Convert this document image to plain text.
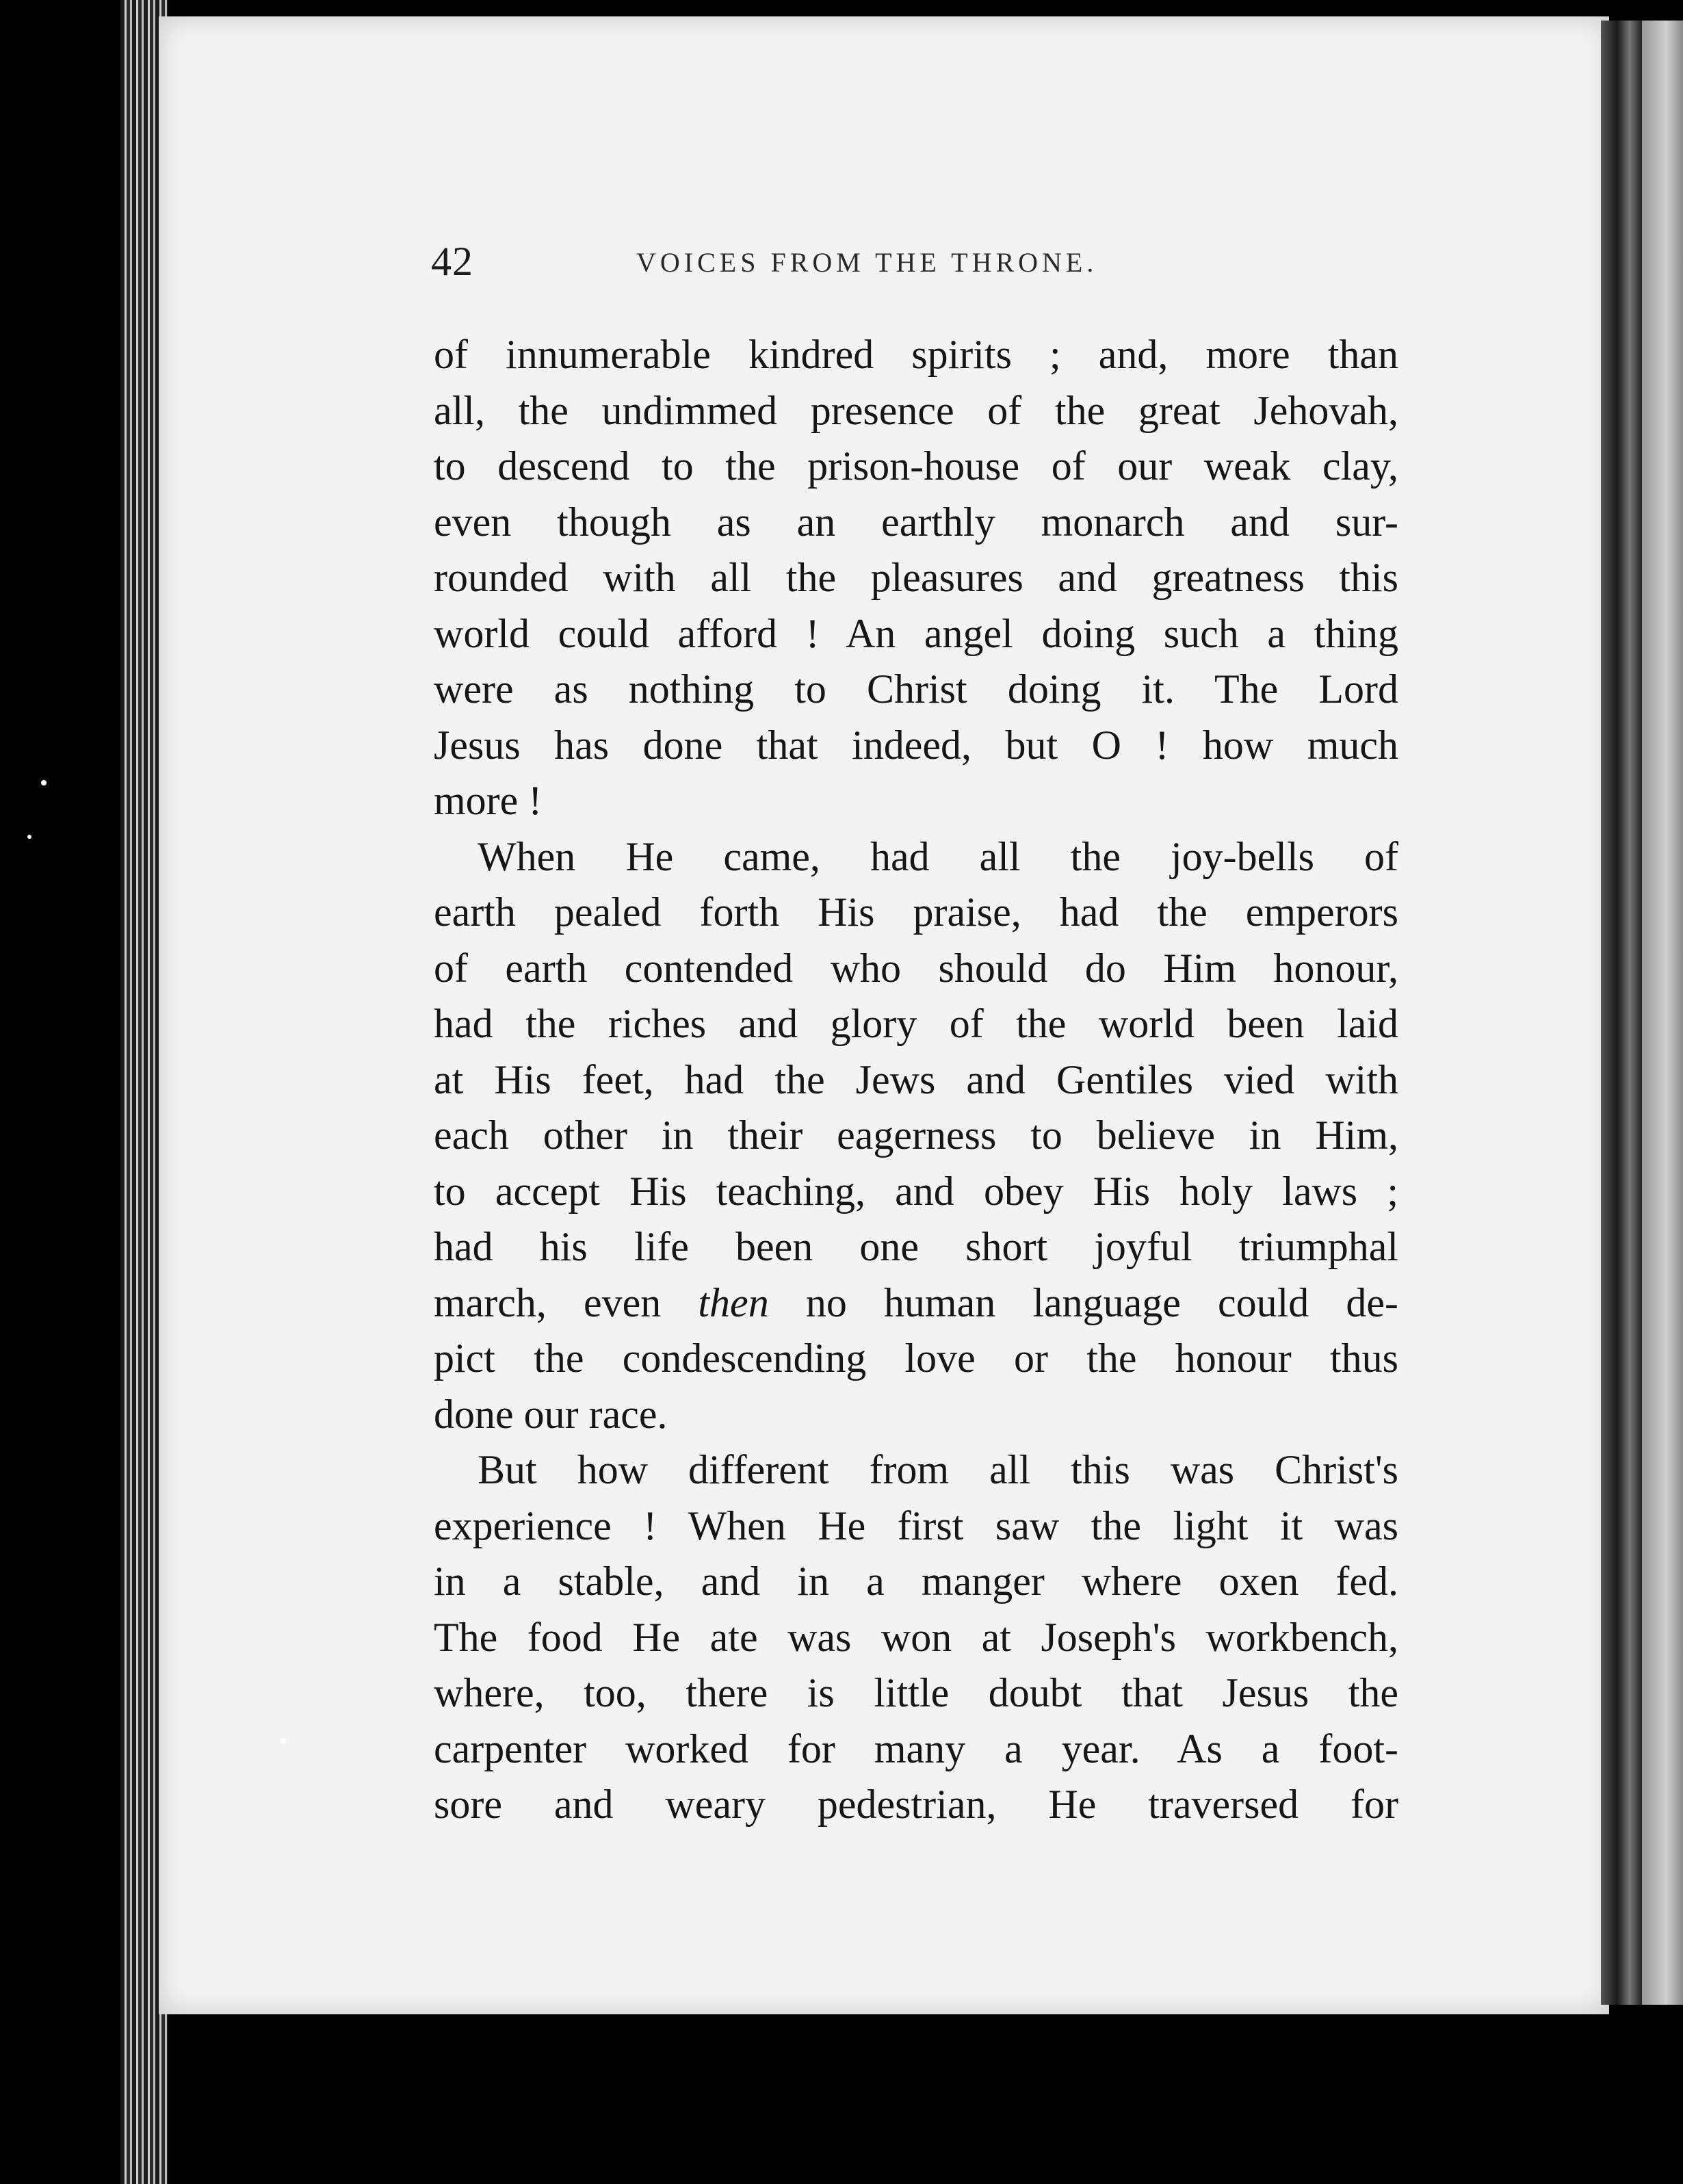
42	VOICES FROM THE THRONE.
of innumerable kindred spirits ; and, more than
all, the undimmed presence of the great Jehovah,
to descend to the prison-house of our weak clay,
even though as an earthly monarch and sur-
rounded with all the pleasures and greatness this
world could afford ! An angel doing such a thing
were as nothing to Christ doing it. The Lord
Jesus has done that indeed, but O ! how much
more !
When He came, had all the joy-bells of
earth pealed forth His praise, had the emperors
of earth contended who should do Him honour,
had the riches and glory of the world been laid
at His feet, had the Jews and Gentiles vied with
each other in their eagerness to believe in Him,
to accept His teaching, and obey His holy laws ;
had his life been one short joyful triumphal
march, even then no human language could de-
pict the condescending love or the honour thus
done our race.
But how different from all this was Christ's
experience ! When He first saw the light it was
in a stable, and in a manger where oxen fed.
The food He ate was won at Joseph's workbench,
where, too, there is little doubt that Jesus the
carpenter worked for many a year. As a foot-
sore and weary pedestrian, He traversed for
